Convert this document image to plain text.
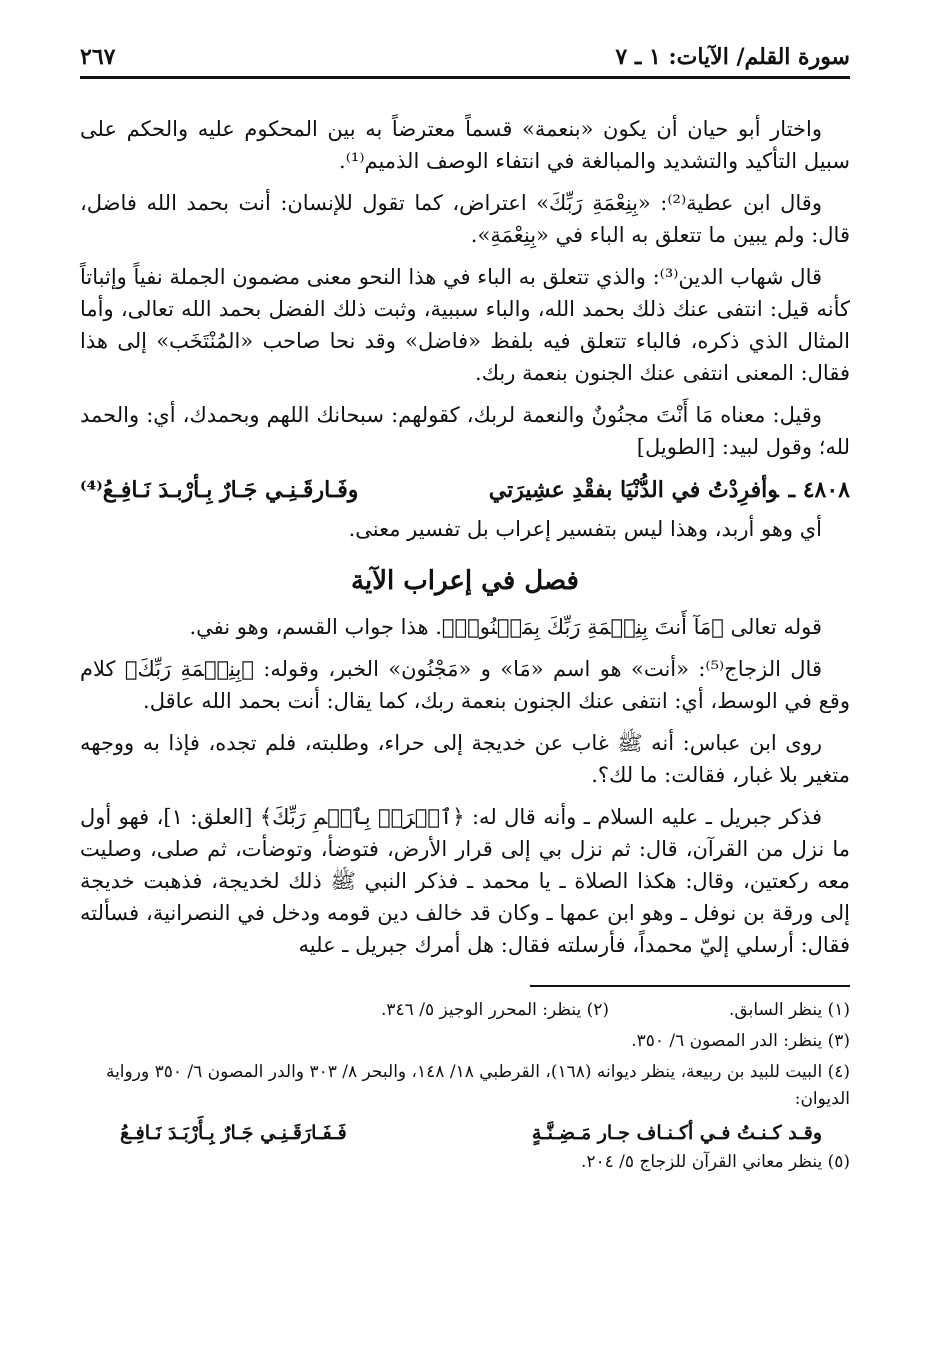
سورة القلم/ الآيات: ١ ـ ٧
٢٦٧

واختار أبو حيان أن يكون «بنعمة» قسماً معترضاً به بين المحكوم عليه والحكم على سبيل التأكيد والتشديد والمبالغة في انتفاء الوصف الذميم⁽¹⁾.

وقال ابن عطية⁽²⁾: «بِنِعْمَةِ رَبِّكَ» اعتراض، كما تقول للإنسان: أنت بحمد الله فاضل، قال: ولم يبين ما تتعلق به الباء في «بِنِعْمَةِ».

قال شهاب الدين⁽³⁾: والذي تتعلق به الباء في هذا النحو معنى مضمون الجملة نفياً وإثباتاً كأنه قيل: انتفى عنك ذلك بحمد الله، والباء سببية، وثبت ذلك الفضل بحمد الله تعالى، وأما المثال الذي ذكره، فالباء تتعلق فيه بلفظ «فاضل» وقد نحا صاحب «المُنْتَخَب» إلى هذا فقال: المعنى انتفى عنك الجنون بنعمة ربك.

وقيل: معناه مَا أَنْتَ مجنُونٌ والنعمة لربك، كقولهم: سبحانك اللهم وبحمدك، أي: والحمد لله؛ وقول لبيد: [الطويل]

٤٨٠٨ ـوأفرِدْتُ في الدُّنْيَا بفقْدِ عشِيرَتي
وفَـارقَـنِـي جَـارٌ بِـأرْبـدَ نَـافِـعُ⁽⁴⁾

أي وهو أربد، وهذا ليس بتفسير إعراب بل تفسير معنى.

فصل في إعراب الآية

قوله تعالى ﴿مَآ أَنتَ بِنِعۡمَةِ رَبِّكَ بِمَجۡنُونٖ﴾. هذا جواب القسم، وهو نفي.

قال الزجاج⁽⁵⁾: «أنت» هو اسم «مَا» و «مَجْنُون» الخبر، وقوله: ﴿بِنِعۡمَةِ رَبِّكَ﴾ كلام وقع في الوسط، أي: انتفى عنك الجنون بنعمة ربك، كما يقال: أنت بحمد الله عاقل.

روى ابن عباس: أنه ﷺ غاب عن خديجة إلى حراء، وطلبته، فلم تجده، فإذا به ووجهه متغير بلا غبار، فقالت: ما لك؟.

فذكر جبريل ـ عليه السلام ـ وأنه قال له: ﴿ٱقۡرَأۡ بِٱسۡمِ رَبِّكَ﴾ [العلق: ١]، فهو أول ما نزل من القرآن، قال: ثم نزل بي إلى قرار الأرض، فتوضأ، وتوضأت، ثم صلى، وصليت معه ركعتين، وقال: هكذا الصلاة ـ يا محمد ـ فذكر النبي ﷺ ذلك لخديجة، فذهبت خديجة إلى ورقة بن نوفل ـ وهو ابن عمها ـ وكان قد خالف دين قومه ودخل في النصرانية، فسألته فقال: أرسلي إليّ محمداً، فأرسلته فقال: هل أمرك جبريل ـ عليه

(١) ينظر السابق.
(٢) ينظر: المحرر الوجيز ٥/ ٣٤٦.
(٣) ينظر: الدر المصون ٦/ ٣٥٠.
(٤) البيت للبيد بن ربيعة، ينظر ديوانه (١٦٨)، القرطبي ١٨/ ١٤٨، والبحر ٨/ ٣٠٣ والدر المصون ٦/ ٣٥٠ ورواية الديوان:
وقـد كـنـتُ فـي أكـنـاف جـار مَـضِـنَّـةٍ
فَـفَـارَقَـنِـي جَـارٌ بِـأَرْبَـدَ نَـافِـعُ
(٥) ينظر معاني القرآن للزجاج ٥/ ٢٠٤.
